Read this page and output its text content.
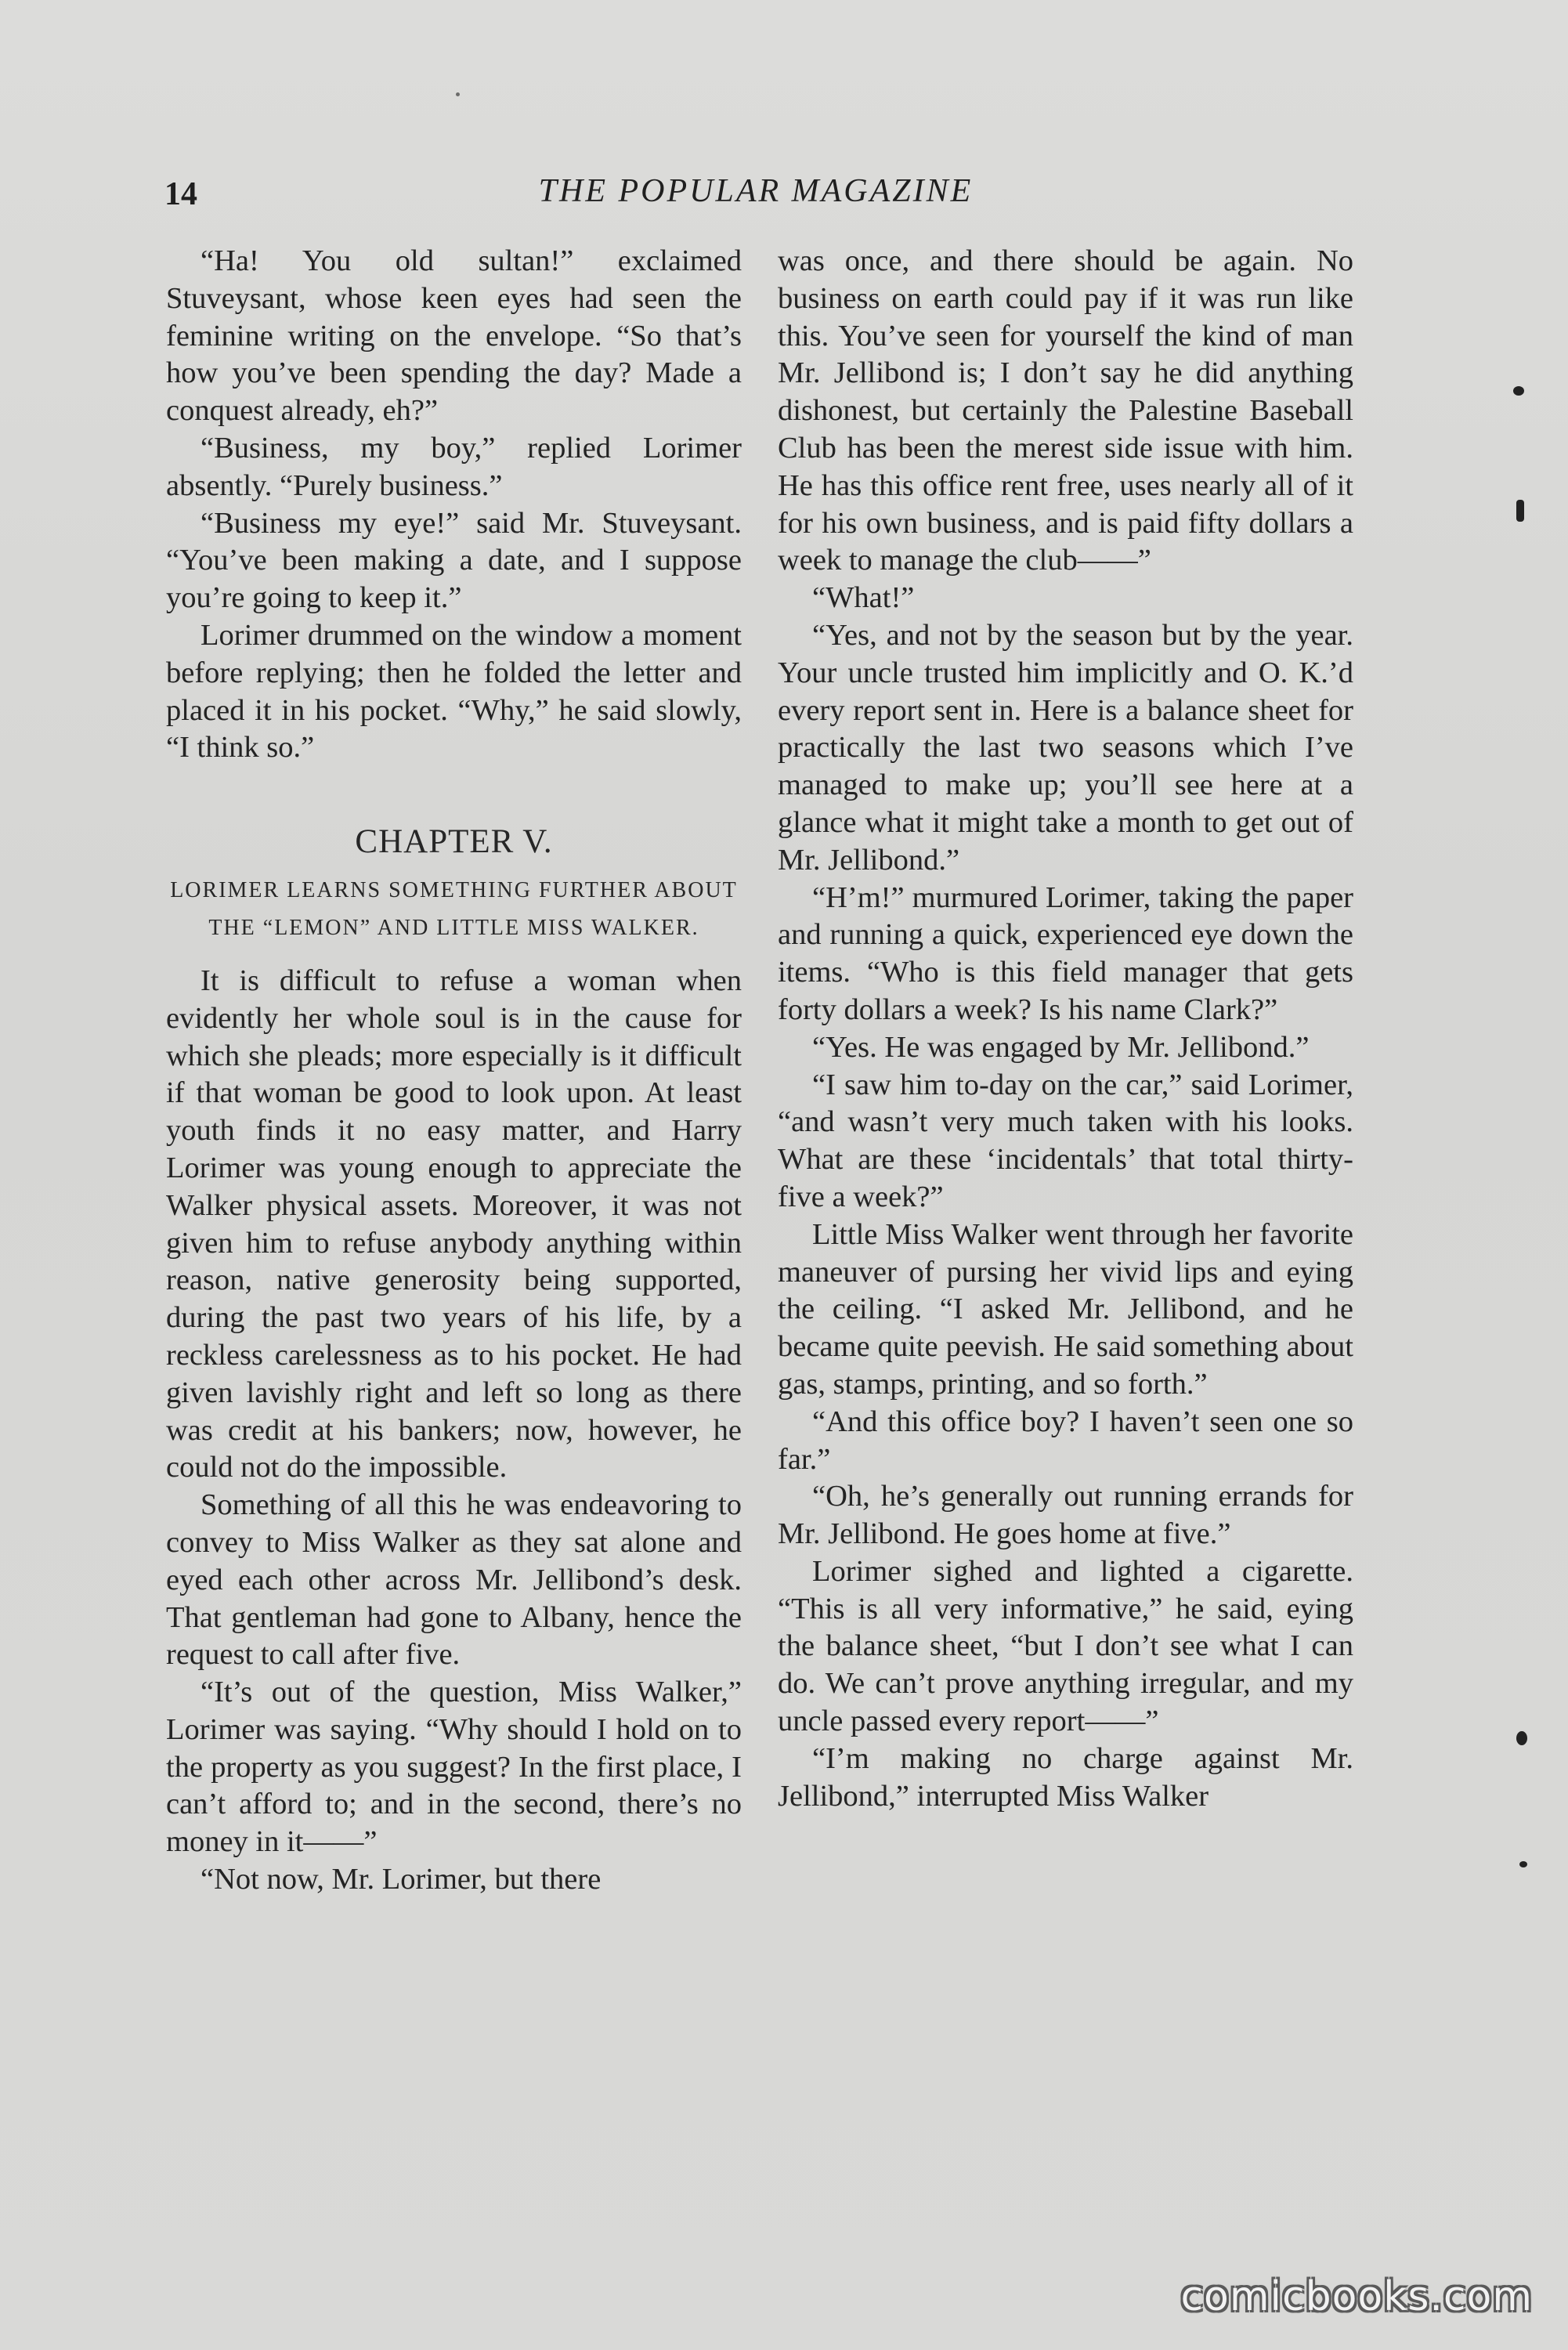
14	THE POPULAR MAGAZINE

“Ha! You old sultan!” exclaimed Stuveysant, whose keen eyes had seen the feminine writing on the envelope. “So that’s how you’ve been spending the day? Made a conquest already, eh?”

“Business, my boy,” replied Lorimer absently. “Purely business.”

“Business my eye!” said Mr. Stuveysant. “You’ve been making a date, and I suppose you’re going to keep it.”

Lorimer drummed on the window a moment before replying; then he folded the letter and placed it in his pocket. “Why,” he said slowly, “I think so.”

CHAPTER V.
LORIMER LEARNS SOMETHING FURTHER ABOUT THE “LEMON” AND LITTLE MISS WALKER.

It is difficult to refuse a woman when evidently her whole soul is in the cause for which she pleads; more especially is it difficult if that woman be good to look upon. At least youth finds it no easy matter, and Harry Lorimer was young enough to appreciate the Walker physical assets. Moreover, it was not given him to refuse anybody anything within reason, native generosity being supported, during the past two years of his life, by a reckless carelessness as to his pocket. He had given lavishly right and left so long as there was credit at his bankers; now, however, he could not do the impossible.

Something of all this he was endeavoring to convey to Miss Walker as they sat alone and eyed each other across Mr. Jellibond’s desk. That gentleman had gone to Albany, hence the request to call after five.

“It’s out of the question, Miss Walker,” Lorimer was saying. “Why should I hold on to the property as you suggest? In the first place, I can’t afford to; and in the second, there’s no money in it——”

“Not now, Mr. Lorimer, but there

was once, and there should be again. No business on earth could pay if it was run like this. You’ve seen for yourself the kind of man Mr. Jellibond is; I don’t say he did anything dishonest, but certainly the Palestine Baseball Club has been the merest side issue with him. He has this office rent free, uses nearly all of it for his own business, and is paid fifty dollars a week to manage the club——”

“What!”

“Yes, and not by the season but by the year. Your uncle trusted him implicitly and O. K.’d every report sent in. Here is a balance sheet for practically the last two seasons which I’ve managed to make up; you’ll see here at a glance what it might take a month to get out of Mr. Jellibond.”

“H’m!” murmured Lorimer, taking the paper and running a quick, experienced eye down the items. “Who is this field manager that gets forty dollars a week? Is his name Clark?”

“Yes. He was engaged by Mr. Jellibond.”

“I saw him to-day on the car,” said Lorimer, “and wasn’t very much taken with his looks. What are these ‘incidentals’ that total thirty-five a week?”

Little Miss Walker went through her favorite maneuver of pursing her vivid lips and eying the ceiling. “I asked Mr. Jellibond, and he became quite peevish. He said something about gas, stamps, printing, and so forth.”

“And this office boy? I haven’t seen one so far.”

“Oh, he’s generally out running errands for Mr. Jellibond. He goes home at five.”

Lorimer sighed and lighted a cigarette. “This is all very informative,” he said, eying the balance sheet, “but I don’t see what I can do. We can’t prove anything irregular, and my uncle passed every report——”

“I’m making no charge against Mr. Jellibond,” interrupted Miss Walker

comicbooks.com
